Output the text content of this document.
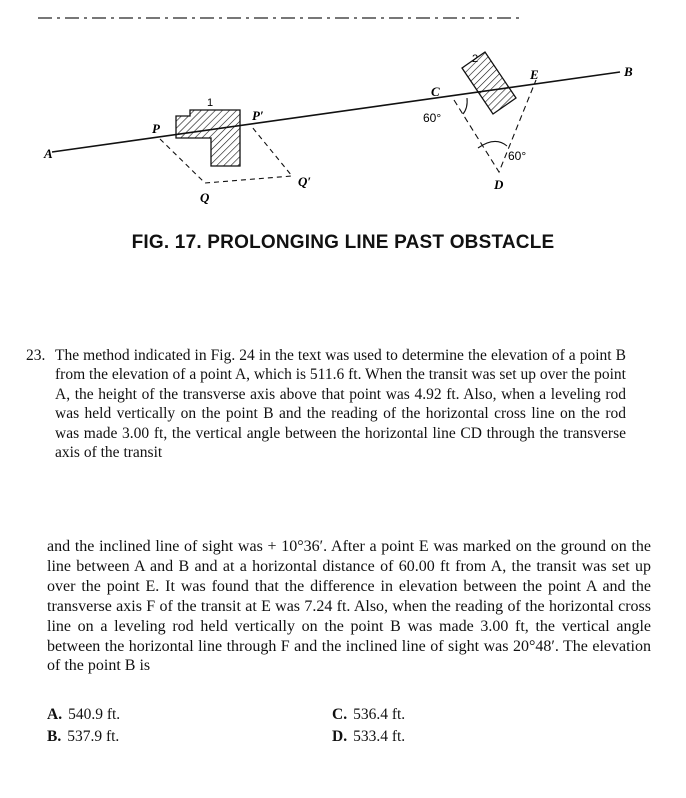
A
B
C
D
E
P
P′
Q
Q′
1
2
60°
60°
FIG. 17. PROLONGING LINE PAST OBSTACLE
23. The method indicated in Fig. 24 in the text was used to determine the elevation of a point B from the elevation of a point A, which is 511.6 ft. When the transit was set up over the point A, the height of the transverse axis above that point was 4.92 ft. Also, when a leveling rod was held vertically on the point B and the reading of the horizontal cross line on the rod was made 3.00 ft, the vertical angle between the horizontal line CD through the transverse axis of the transit
and the inclined line of sight was + 10°36′. After a point E was marked on the ground on the line between A and B and at a horizontal distance of 60.00 ft from A, the transit was set up over the point E. It was found that the difference in elevation between the point A and the transverse axis F of the transit at E was 7.24 ft. Also, when the reading of the horizontal cross line on a leveling rod held vertically on the point B was made 3.00 ft, the vertical angle between the horizontal line through F and the inclined line of sight was 20°48′. The elevation of the point B is
A. 540.9 ft.	C. 536.4 ft.
B. 537.9 ft.	D. 533.4 ft.
